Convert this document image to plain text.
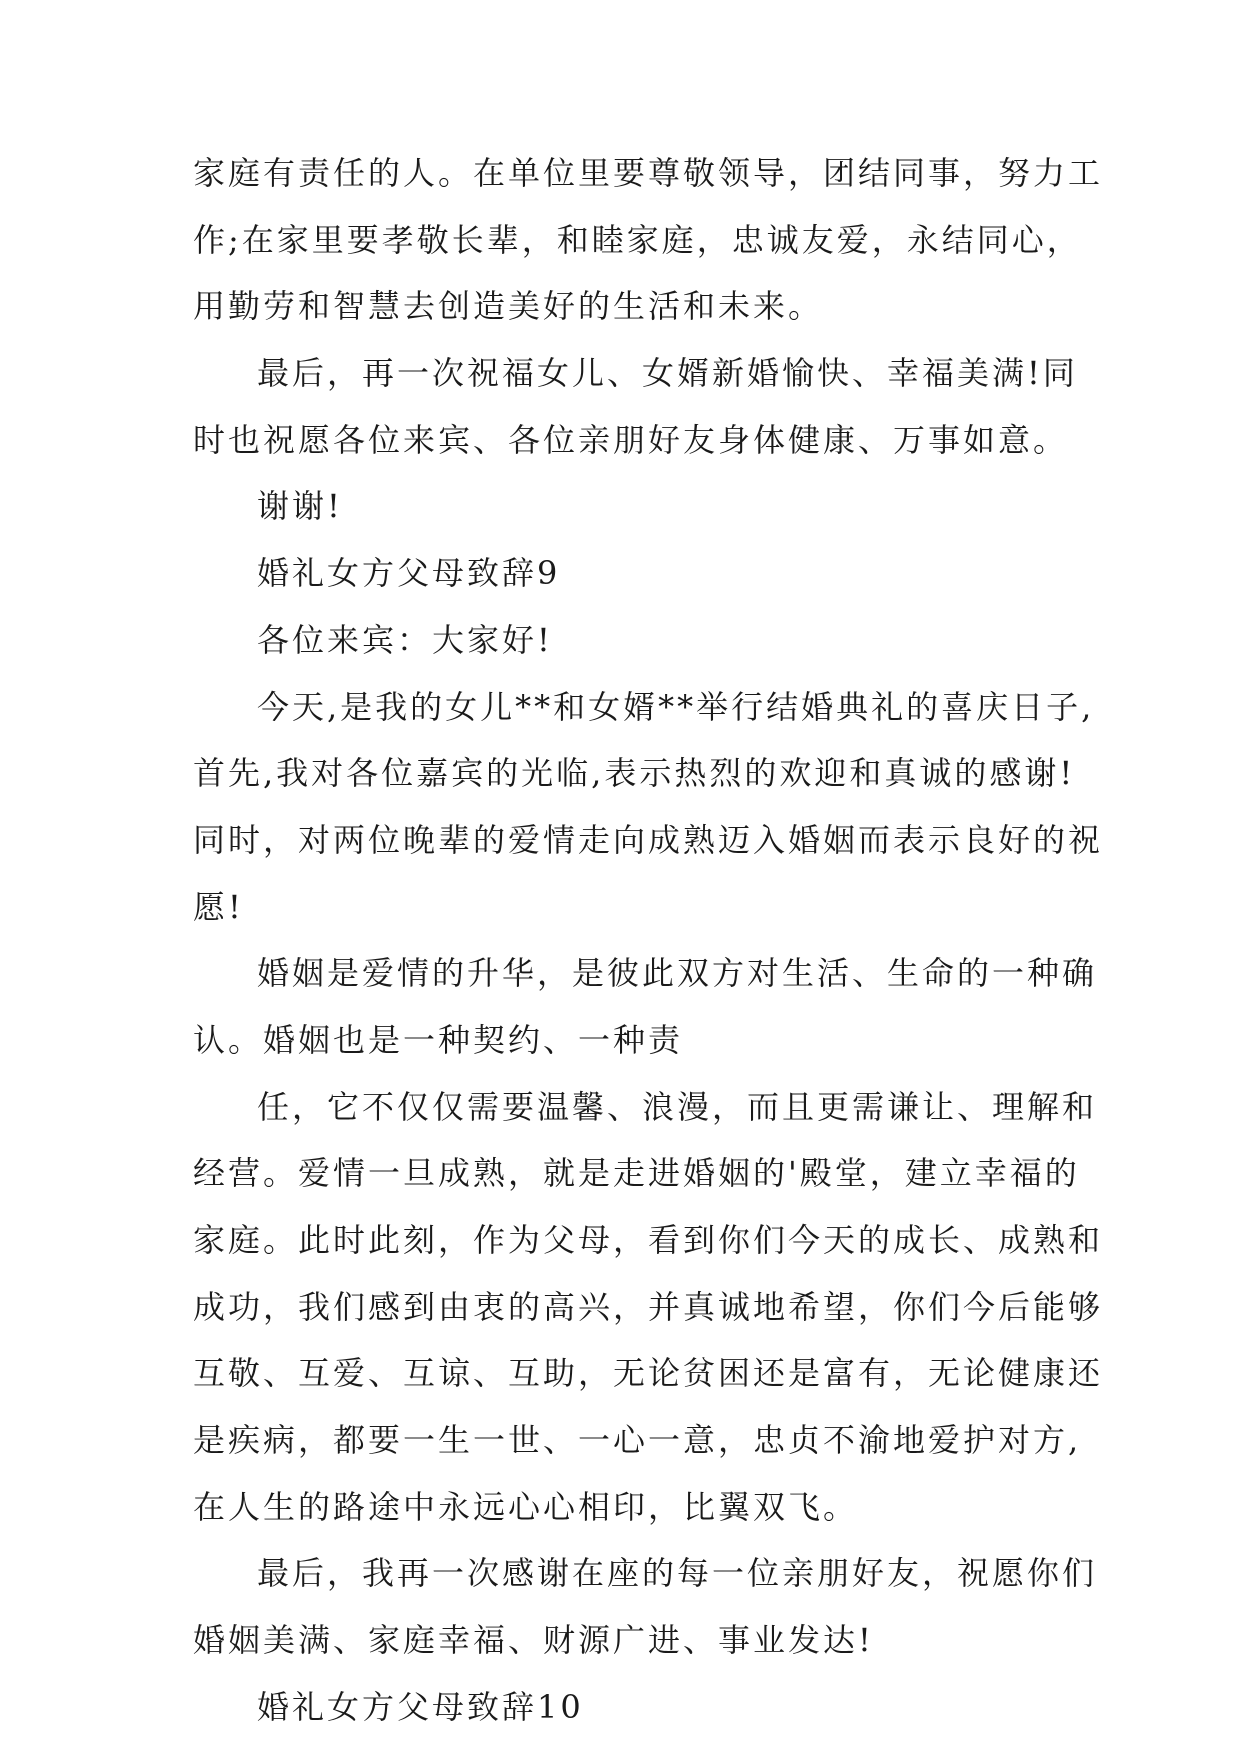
家庭有责任的人。在单位里要尊敬领导，团结同事，努力工
作;在家里要孝敬长辈，和睦家庭，忠诚友爱，永结同心，
用勤劳和智慧去创造美好的生活和未来。
最后，再一次祝福女儿、女婿新婚愉快、幸福美满!同
时也祝愿各位来宾、各位亲朋好友身体健康、万事如意。
谢谢!
婚礼女方父母致辞9
各位来宾：大家好!
今天,是我的女儿**和女婿**举行结婚典礼的喜庆日子,
首先,我对各位嘉宾的光临,表示热烈的欢迎和真诚的感谢!
同时，对两位晚辈的爱情走向成熟迈入婚姻而表示良好的祝
愿!
婚姻是爱情的升华，是彼此双方对生活、生命的一种确
认。婚姻也是一种契约、一种责
任，它不仅仅需要温馨、浪漫，而且更需谦让、理解和
经营。爱情一旦成熟，就是走进婚姻的'殿堂，建立幸福的
家庭。此时此刻，作为父母，看到你们今天的成长、成熟和
成功，我们感到由衷的高兴，并真诚地希望，你们今后能够
互敬、互爱、互谅、互助，无论贫困还是富有，无论健康还
是疾病，都要一生一世、一心一意，忠贞不渝地爱护对方,
在人生的路途中永远心心相印，比翼双飞。
最后，我再一次感谢在座的每一位亲朋好友，祝愿你们
婚姻美满、家庭幸福、财源广进、事业发达!
婚礼女方父母致辞10
